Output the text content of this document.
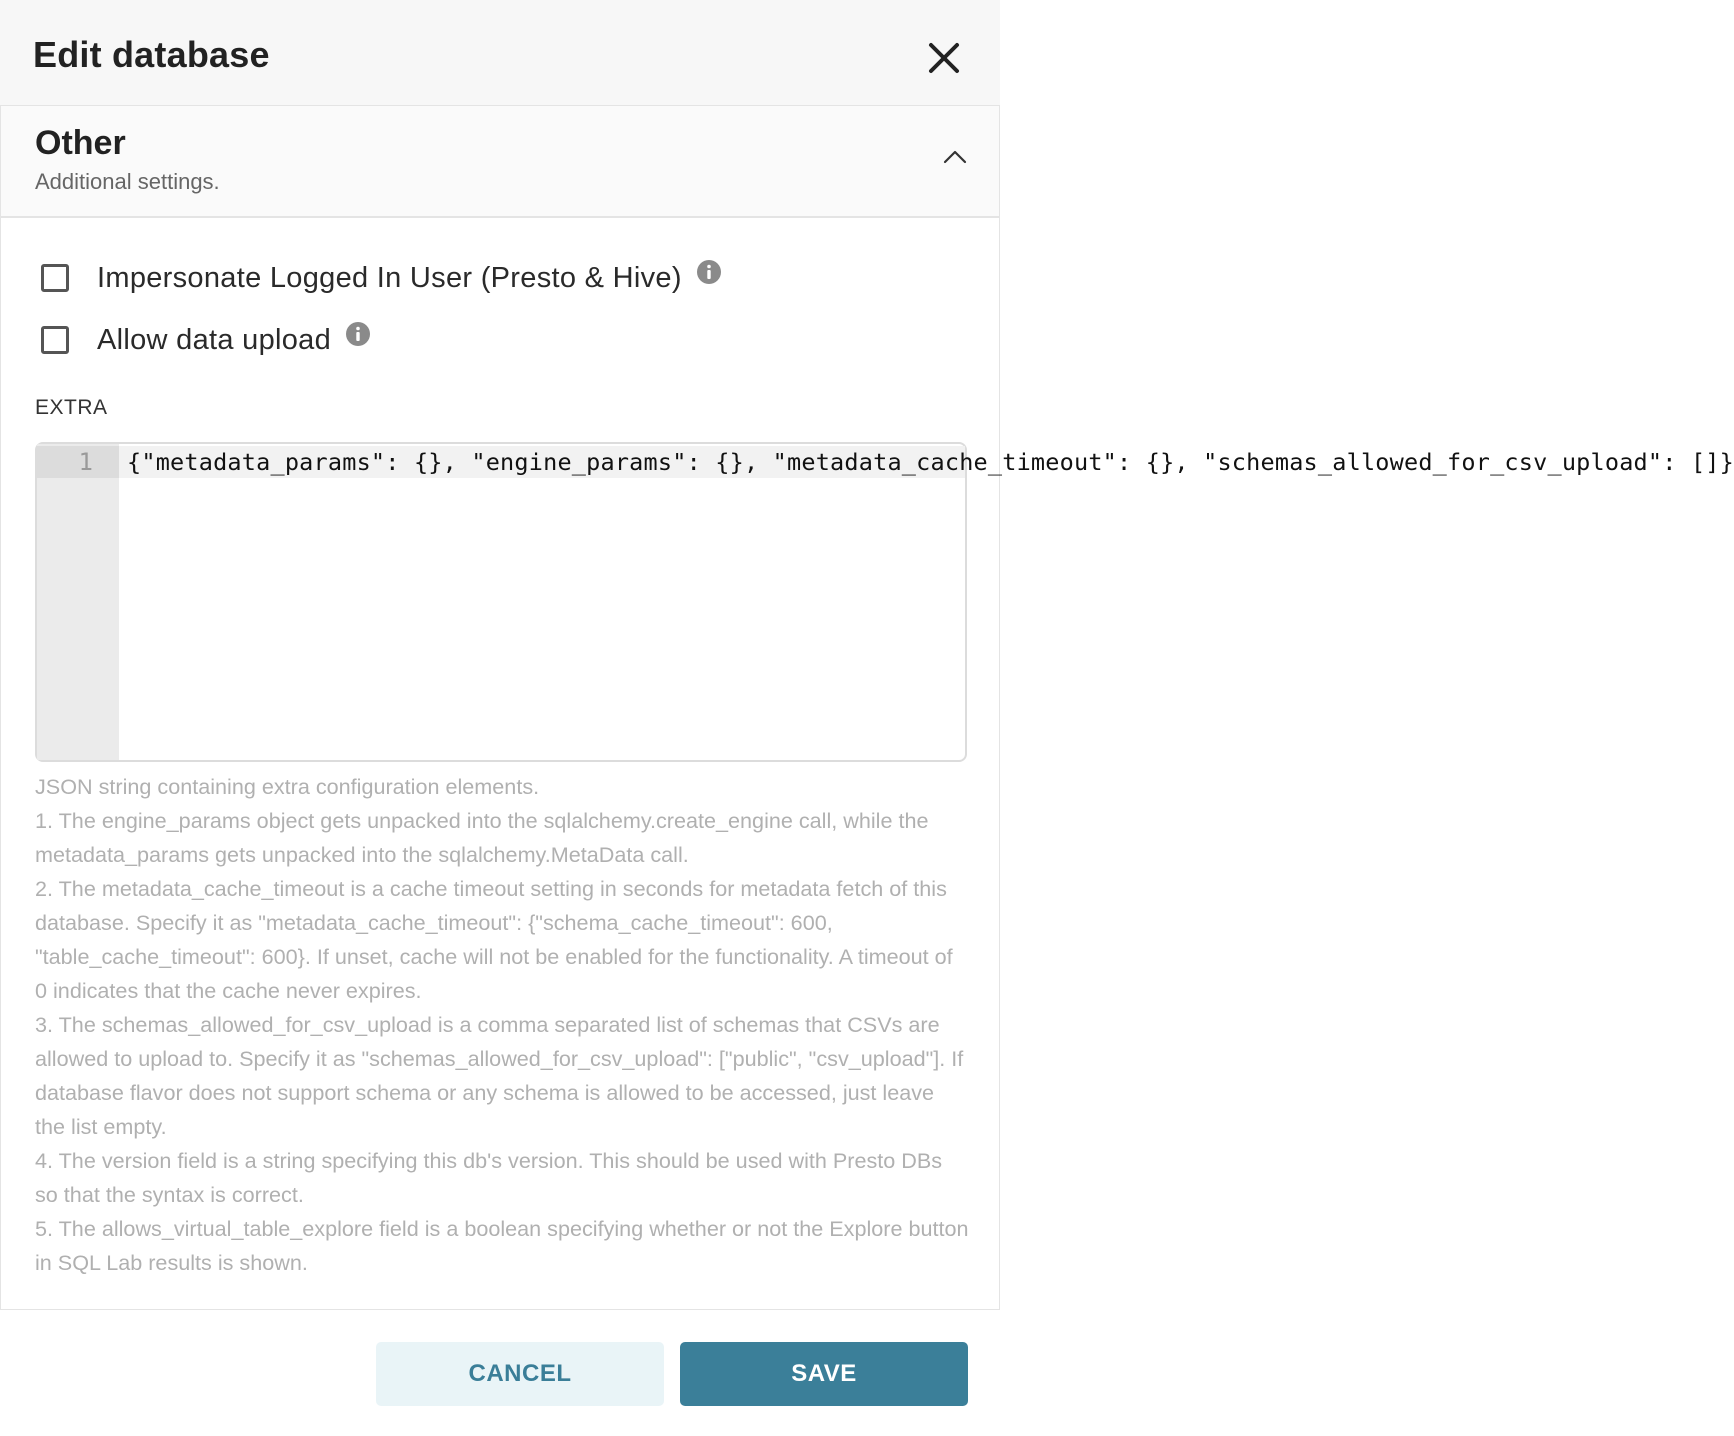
Edit database
Other
Additional settings.
Impersonate Logged In User (Presto & Hive)
Allow data upload
EXTRA
1 {"metadata_params": {}, "engine_params": {}, "metadata_cache_timeout": {}, "schemas_allowed_for_csv_upload": []}
JSON string containing extra configuration elements.
1. The engine_params object gets unpacked into the sqlalchemy.create_engine call, while the metadata_params gets unpacked into the sqlalchemy.MetaData call.
2. The metadata_cache_timeout is a cache timeout setting in seconds for metadata fetch of this database. Specify it as "metadata_cache_timeout": {"schema_cache_timeout": 600, "table_cache_timeout": 600}. If unset, cache will not be enabled for the functionality. A timeout of 0 indicates that the cache never expires.
3. The schemas_allowed_for_csv_upload is a comma separated list of schemas that CSVs are allowed to upload to. Specify it as "schemas_allowed_for_csv_upload": ["public", "csv_upload"]. If database flavor does not support schema or any schema is allowed to be accessed, just leave the list empty.
4. The version field is a string specifying this db's version. This should be used with Presto DBs so that the syntax is correct.
5. The allows_virtual_table_explore field is a boolean specifying whether or not the Explore button in SQL Lab results is shown.
CANCEL	SAVE
